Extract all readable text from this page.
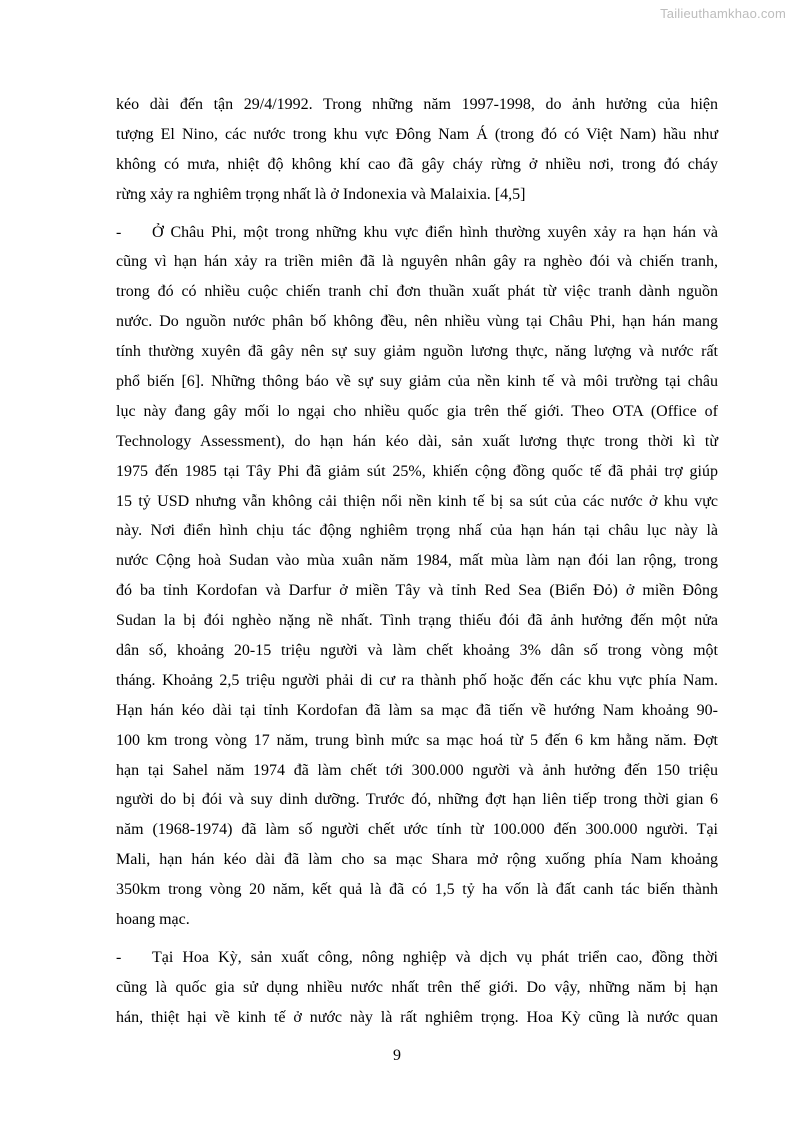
Tailieuthamkhao.com
kéo dài đến tận 29/4/1992. Trong những năm 1997-1998, do ảnh hưởng của hiện
tượng El Nino, các nước trong khu vực Đông Nam Á (trong đó có Việt Nam) hầu như
không có mưa, nhiệt độ không khí cao đã gây cháy rừng ở nhiều nơi, trong đó cháy
rừng xảy ra nghiêm trọng nhất là ở Indonexia và Malaixia. [4,5]
-	Ở Châu Phi, một trong những khu vực điển hình thường xuyên xảy ra hạn hán và
cũng vì hạn hán xảy ra triền miên đã là nguyên nhân gây ra nghèo đói và chiến tranh,
trong đó có nhiều cuộc chiến tranh chỉ đơn thuần xuất phát từ việc tranh dành nguồn
nước. Do nguồn nước phân bố không đều, nên nhiều vùng tại Châu Phi, hạn hán mang
tính thường xuyên đã gây nên sự suy giảm nguồn lương thực, năng lượng và nước rất
phổ biến [6]. Những thông báo về sự suy giảm của nền kinh tế và môi trường tại châu
lục này đang gây mối lo ngại cho nhiều quốc gia trên thế giới. Theo OTA (Office of
Technology Assessment), do hạn hán kéo dài, sản xuất lương thực trong thời kì từ
1975 đến 1985 tại Tây Phi đã giảm sút 25%, khiến cộng đồng quốc tế đã phải trợ giúp
15 tỷ USD nhưng vẫn không cải thiện nổi nền kinh tế bị sa sút của các nước ở khu vực
này. Nơi điển hình chịu tác động nghiêm trọng nhấ của hạn hán tại châu lục này là
nước Cộng hoà Sudan vào mùa xuân năm 1984, mất mùa làm nạn đói lan rộng, trong
đó ba tỉnh Kordofan và Darfur ở miền Tây và tỉnh Red Sea (Biển Đỏ) ở miền Đông
Sudan la bị đói nghèo nặng nề nhất. Tình trạng thiếu đói đã ảnh hưởng đến một nửa
dân số, khoảng 20-15 triệu người và làm chết khoảng 3% dân số trong vòng một
tháng. Khoảng 2,5 triệu người phải di cư ra thành phố hoặc đến các khu vực phía Nam.
Hạn hán kéo dài tại tỉnh Kordofan đã làm sa mạc đã tiến về hướng Nam khoảng 90-
100 km trong vòng 17 năm, trung bình mức sa mạc hoá từ 5 đến 6 km hằng năm. Đợt
hạn tại Sahel năm 1974 đã làm chết tới 300.000 người và ảnh hưởng đến 150 triệu
người do bị đói và suy dinh dưỡng. Trước đó, những đợt hạn liên tiếp trong thời gian 6
năm (1968-1974) đã làm số người chết ước tính từ 100.000 đến 300.000 người. Tại
Mali, hạn hán kéo dài đã làm cho sa mạc Shara mở rộng xuống phía Nam khoảng
350km trong vòng 20 năm, kết quả là đã có 1,5 tỷ ha vốn là đất canh tác biến thành
hoang mạc.
-	Tại Hoa Kỳ, sản xuất công, nông nghiệp và dịch vụ phát triển cao, đồng thời
cũng là quốc gia sử dụng nhiều nước nhất trên thế giới. Do vậy, những năm bị hạn
hán, thiệt hại về kinh tế ở nước này là rất nghiêm trọng. Hoa Kỳ cũng là nước quan
9
